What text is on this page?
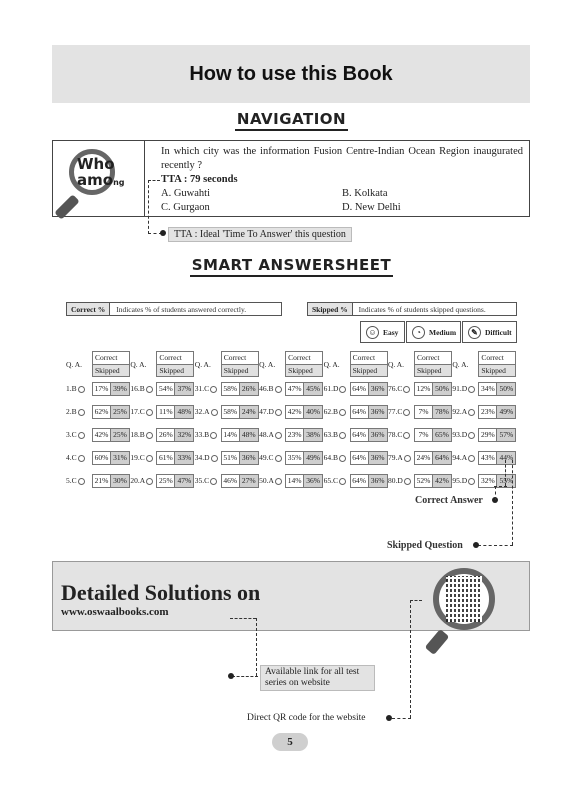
How to use this Book
NAVIGATION
Who
among
In which city was the information Fusion Centre-Indian Ocean Region inaugurated recently ?
TTA : 79 seconds
A. Guwahti	B. Kolkata
C. Gurgaon	D. New Delhi
TTA : Ideal 'Time To Answer' this question
SMART ANSWERSHEET
Correct %	Indicates % of students answered correctly.	Skipped %	Indicates % of students skipped questions.
☺ Easy	◔	Medium	✎ Difficult
Q. A.
Correct
Skipped
Q. A.
Correct
Skipped
Q. A.
Correct
Skipped
Q. A.
Correct
Skipped
Q. A.
Correct
Skipped
Q. A.
Correct
Skipped
Q. A.
Correct
Skipped
1.B	17% 39% 16.B	54% 37% 31.C	58% 26% 46.B	47% 45% 61.D	64% 36% 76.C	12% 50% 91.D	34% 50%
2.B	62% 25% 17.C	11% 48% 32.A	58% 24% 47.D	42% 40% 62.B	64% 36% 77.C	7% 78% 92.A	23% 49%
3.C	42% 25% 18.B	26% 32% 33.B	14% 48% 48.A	23% 38% 63.B	64% 36% 78.C	7% 65% 93.D	29% 57%
4.C	60% 31% 19.C	61% 33% 34.D	51% 36% 49.C	35% 49% 64.B	64% 36% 79.A	24% 64% 94.A	43% 44%
5.C	21% 30% 20.A	25% 47% 35.C	46% 27% 50.A	14% 36% 65.C	64% 36% 80.D	52% 42% 95.D	32% 55%
Correct Answer
Skipped Question
Detailed Solutions on
www.oswaalbooks.com
Available link for all test series on website
Direct QR code for the website
5
